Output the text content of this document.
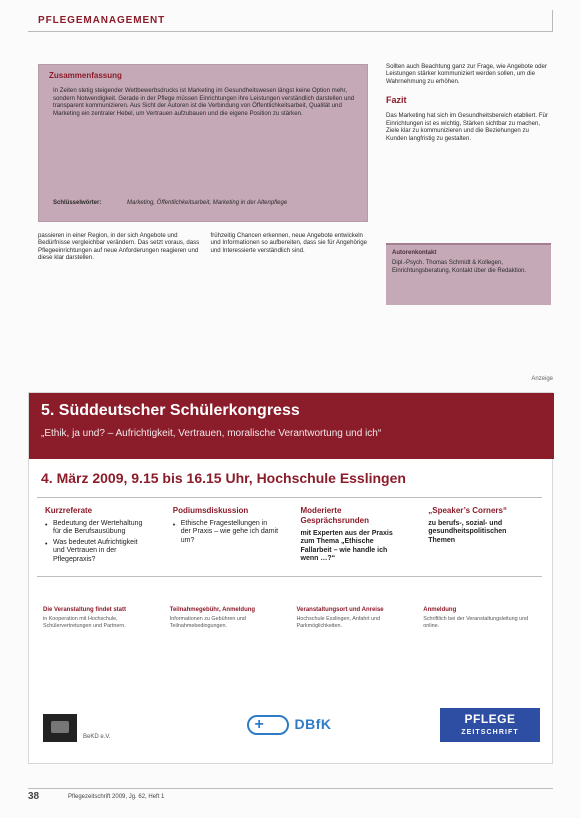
PFLEGEMANAGEMENT
Zusammenfassung
In Zeiten stetig steigender Wettbewerbsdrucks ist Marketing im Gesundheitswesen längst keine Option mehr, sondern Notwendigkeit. Gerade in der Pflege müssen Einrichtungen ihre Leistungen verständlich darstellen und transparent kommunizieren. Aus Sicht der Autoren ist die Verbindung von Öffentlichkeitsarbeit, Qualität und Marketing ein zentraler Hebel, um Vertrauen aufzubauen und die eigene Position zu stärken.
Schlüsselwörter:	Marketing, Öffentlichkeitsarbeit, Marketing in der Altenpflege
Sollten auch Beachtung ganz zur Frage, wie Angebote oder Leistungen stärker kommuniziert werden sollen, um die Wahrnehmung zu erhöhen.
Fazit
Das Marketing hat sich im Gesundheitsbereich etabliert. Für Einrichtungen ist es wichtig, Stärken sichtbar zu machen, Ziele klar zu kommunizieren und die Beziehungen zu Kunden langfristig zu gestalten.
Autorenkontakt
Dipl.-Psych. Thomas Schmidt & Kollegen, Einrichtungsberatung, Kontakt über die Redaktion.
passieren in einer Region, in der sich Angebote und Bedürfnisse vergleichbar verändern. Das setzt voraus, dass Pflegeeinrichtungen auf neue Anforderungen reagieren und diese klar darstellen.
frühzeitig Chancen erkennen, neue Angebote entwickeln und Informationen so aufbereiten, dass sie für Angehörige und Interessierte verständlich sind.
Anzeige
5. Süddeutscher Schülerkongress
„Ethik, ja und? – Aufrichtigkeit, Vertrauen, moralische Verantwortung und ich“
4. März 2009, 9.15 bis 16.15 Uhr, Hochschule Esslingen
Kurzreferate
•
Bedeutung der Wertehaltung für die Berufsausübung
•
Was bedeutet Aufrichtigkeit und Vertrauen in der Pflegepraxis?
Podiumsdiskussion
•
Ethische Fragestellungen in der Praxis – wie gehe ich damit um?
Moderierte Gesprächsrunden
mit Experten aus der Praxis zum Thema „Ethische Fallarbeit – wie handle ich wenn …?“
„Speaker’s Corners“
zu berufs-, sozial- und gesundheitspolitischen Themen
Die Veranstaltung findet statt
in Kooperation mit Hochschule, Schülervertretungen und Partnern.
Teilnahmegebühr, Anmeldung
Informationen zu Gebühren und Teilnahmebedingungen.
Veranstaltungsort und Anreise
Hochschule Esslingen, Anfahrt und Parkmöglichkeiten.
Anmeldung
Schriftlich bei der Veranstaltungsleitung und online.
BeKD e.V.
+
DBfK	PFLEGE
ZEITSCHRIFT
38	Pflegezeitschrift 2009, Jg. 62, Heft 1
